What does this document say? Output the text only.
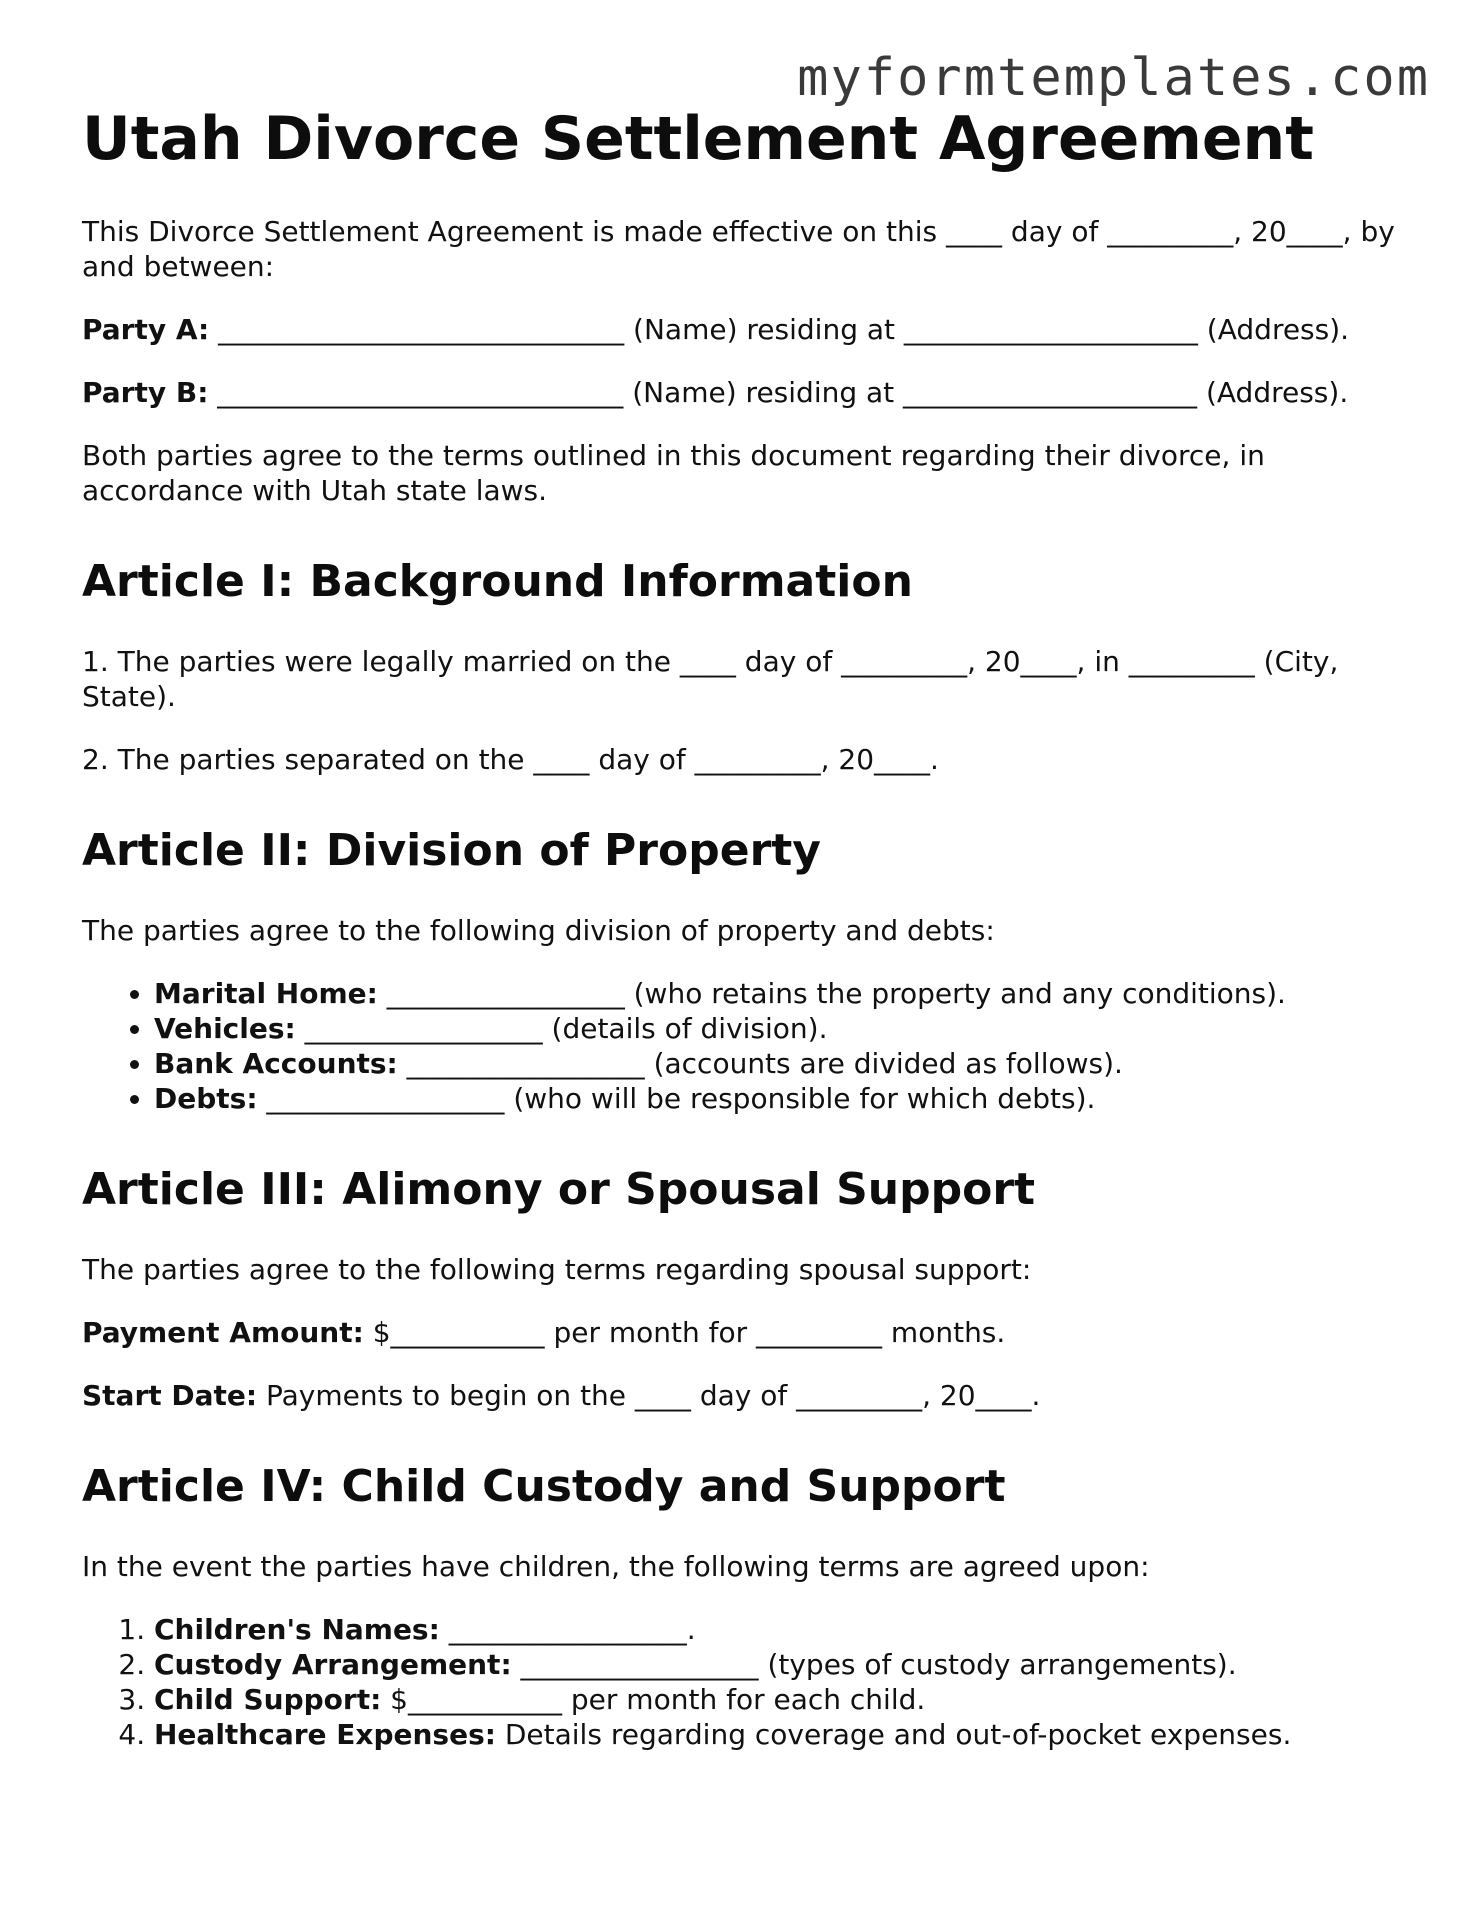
myformtemplates.com
Utah Divorce Settlement Agreement

This Divorce Settlement Agreement is made effective on this ____ day of _________, 20____, by and between:

Party A: _____________________________ (Name) residing at _____________________ (Address).

Party B: _____________________________ (Name) residing at _____________________ (Address).

Both parties agree to the terms outlined in this document regarding their divorce, in accordance with Utah state laws.

Article I: Background Information

1. The parties were legally married on the ____ day of _________, 20____, in _________ (City, State).

2. The parties separated on the ____ day of _________, 20____.

Article II: Division of Property

The parties agree to the following division of property and debts:

• Marital Home: _________________ (who retains the property and any conditions).
• Vehicles: _________________ (details of division).
• Bank Accounts: _________________ (accounts are divided as follows).
• Debts: _________________ (who will be responsible for which debts).
Article III: Alimony or Spousal Support

The parties agree to the following terms regarding spousal support:

Payment Amount: $___________ per month for _________ months.

Start Date: Payments to begin on the ____ day of _________, 20____.

Article IV: Child Custody and Support

In the event the parties have children, the following terms are agreed upon:

1. Children's Names: _________________.
2. Custody Arrangement: _________________ (types of custody arrangements).
3. Child Support: $___________ per month for each child.
4. Healthcare Expenses: Details regarding coverage and out-of-pocket expenses.
